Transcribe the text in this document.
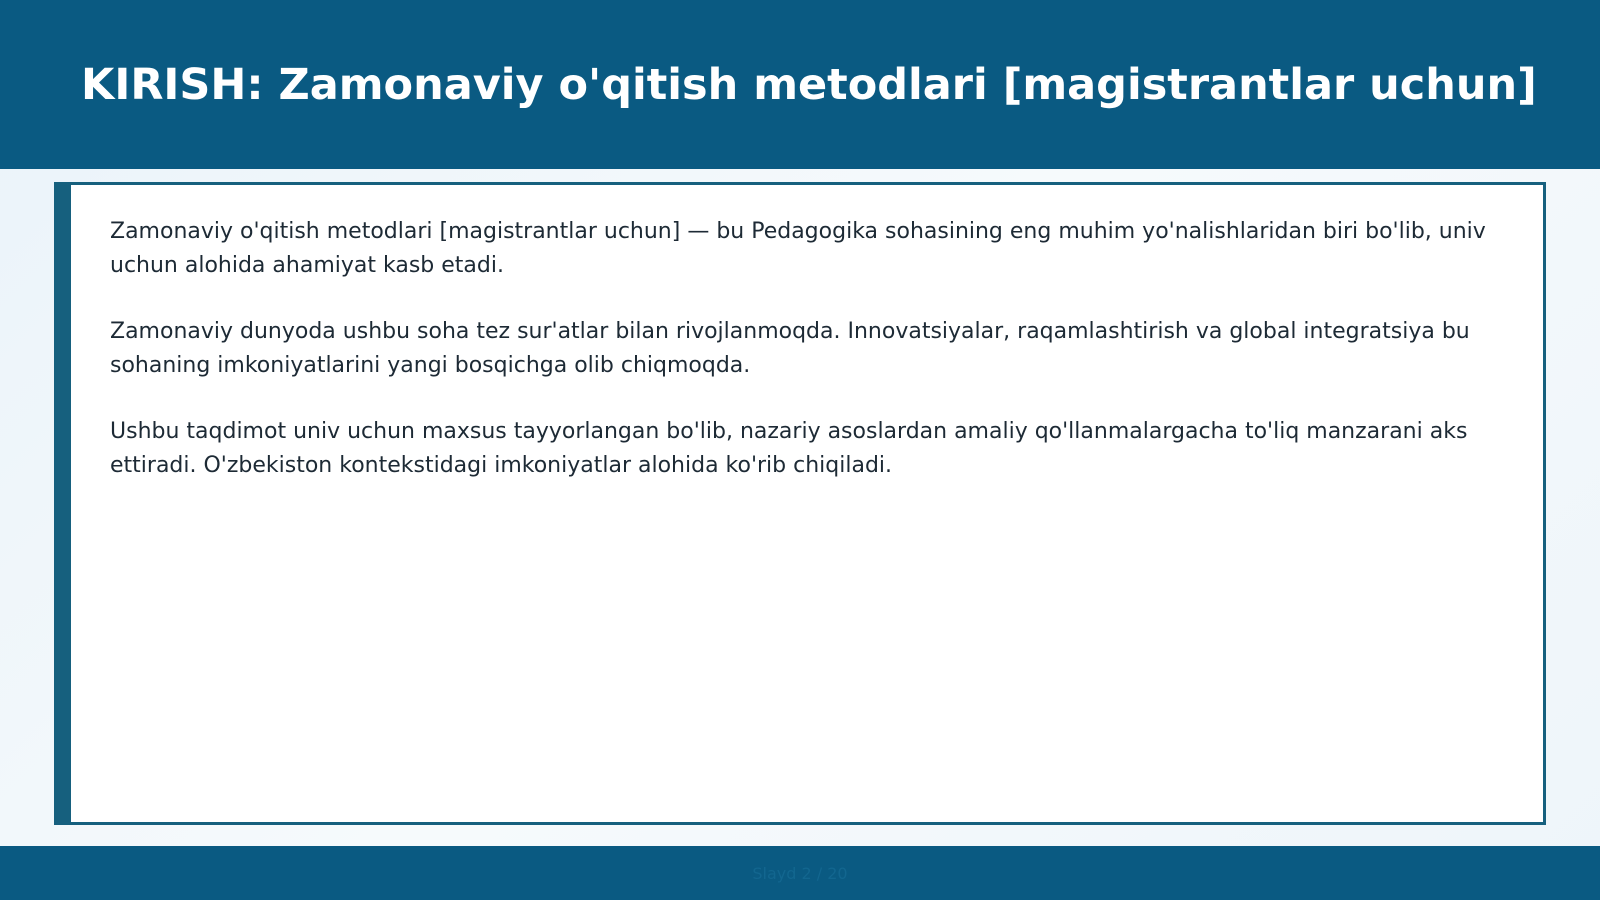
KIRISH: Zamonaviy o'qitish metodlari [magistrantlar uchun]

Zamonaviy o'qitish metodlari [magistrantlar uchun] — bu Pedagogika sohasining eng muhim yo'nalishlaridan biri bo'lib, univ uchun alohida ahamiyat kasb etadi.

Zamonaviy dunyoda ushbu soha tez sur'atlar bilan rivojlanmoqda. Innovatsiyalar, raqamlashtirish va global integratsiya bu sohaning imkoniyatlarini yangi bosqichga olib chiqmoqda.

Ushbu taqdimot univ uchun maxsus tayyorlangan bo'lib, nazariy asoslardan amaliy qo'llanmalargacha to'liq manzarani aks ettiradi. O'zbekiston kontekstidagi imkoniyatlar alohida ko'rib chiqiladi.

Slayd 2 / 20
